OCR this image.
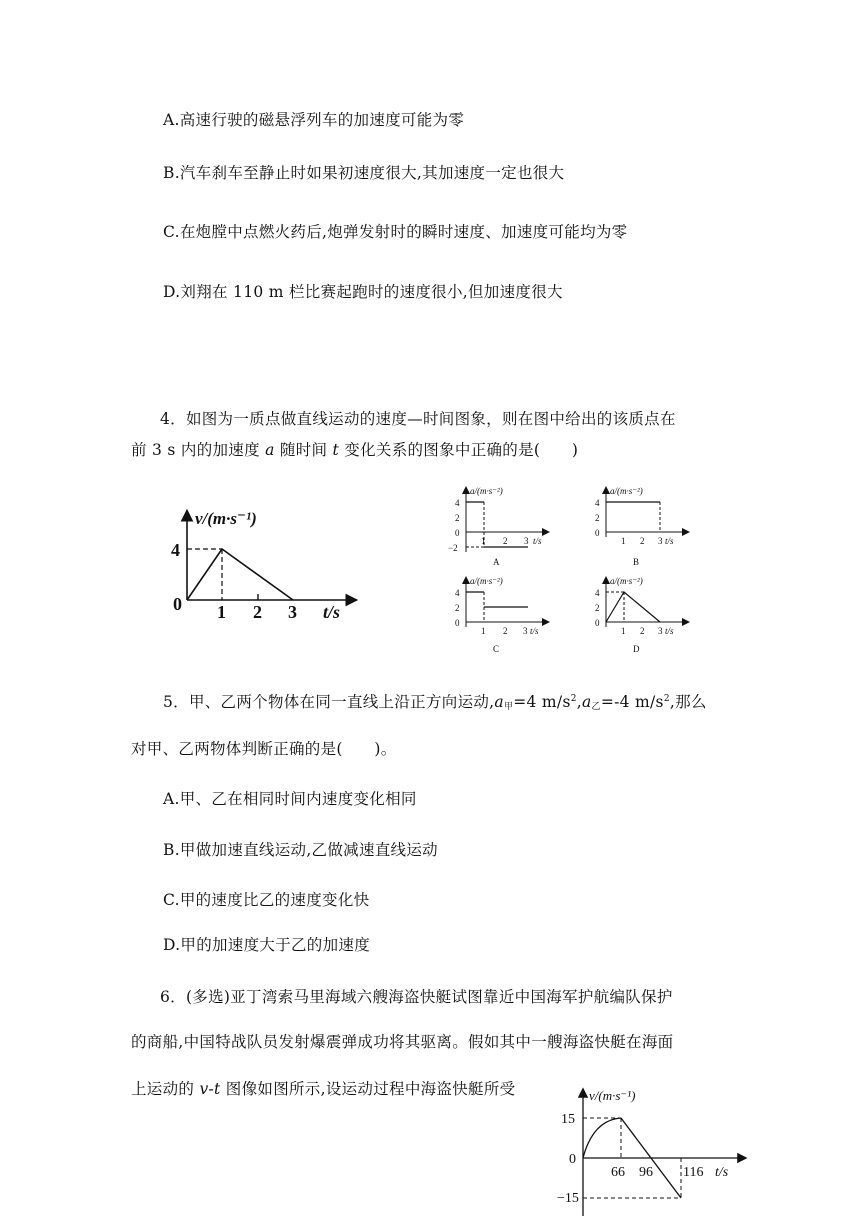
A.高速行驶的磁悬浮列车的加速度可能为零
B.汽车刹车至静止时如果初速度很大,其加速度一定也很大
C.在炮膛中点燃火药后,炮弹发射时的瞬时速度、加速度可能均为零
D.刘翔在 110 m 栏比赛起跑时的速度很小,但加速度很大
4．如图为一质点做直线运动的速度—时间图象，则在图中给出的该质点在
前 3 s 内的加速度 a 随时间 t 变化关系的图象中正确的是(　　)
v/(m·s⁻¹)
4
0 1 2 3 t/s
a/(m·s⁻²)
4
2
0
−2
1 2 3 t/s
A
a/(m·s⁻²)
4
2
0
1 2 3 t/s
B
a/(m·s⁻²)
4
2
0
1 2 3 t/s
C
a/(m·s⁻²)
4
2
0
1 2 3 t/s
D
5．甲、乙两个物体在同一直线上沿正方向运动$,a_甲=4$ $m/s^2,a_乙=-4$ $m/s^2$,那么
对甲、乙两物体判断正确的是(　　)。
A.甲、乙在相同时间内速度变化相同
B.甲做加速直线运动,乙做减速直线运动
C.甲的速度比乙的速度变化快
D.甲的加速度大于乙的加速度
6．(多选)亚丁湾索马里海域六艘海盗快艇试图靠近中国海军护航编队保护
的商船,中国特战队员发射爆震弹成功将其驱离。假如其中一艘海盗快艇在海面
上运动的 v-t 图像如图所示,设运动过程中海盗快艇所受	v/(m·s⁻¹)
15
0
−15
66 96 116 t/s
